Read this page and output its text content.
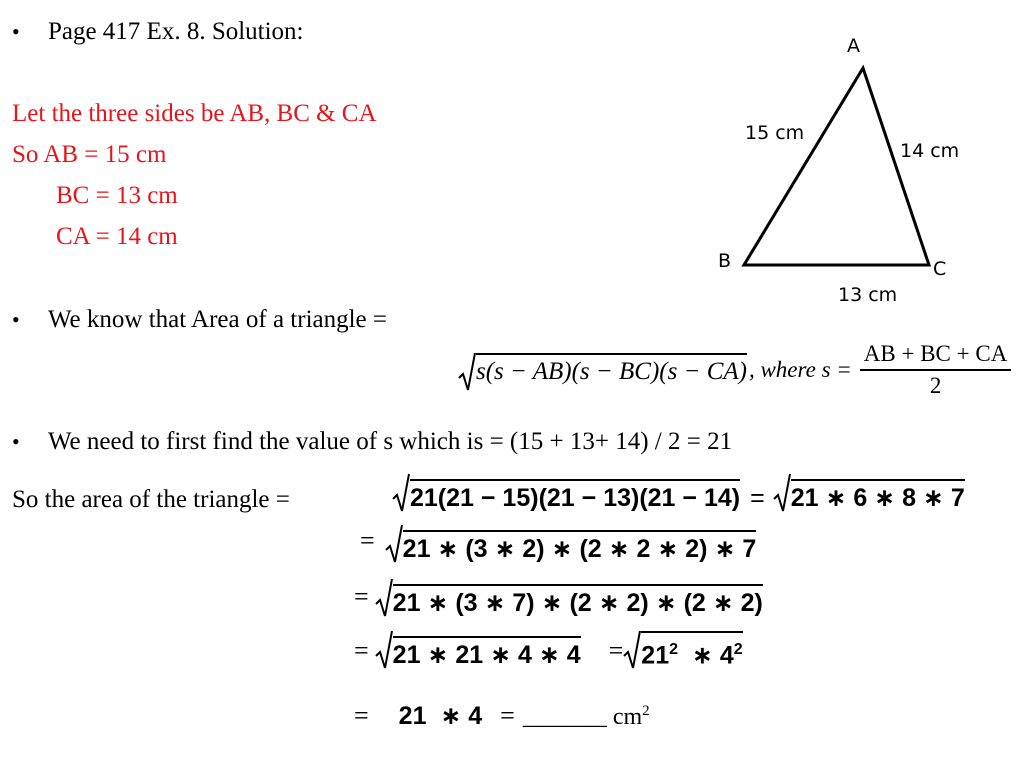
• Page 417 Ex. 8. Solution:
Let the three sides be AB, BC & CA
So AB = 15 cm
BC = 13 cm
CA = 14 cm
A
B	C
15 cm
14 cm
13 cm
• We know that Area of a triangle =
s(s − AB)(s − BC)(s − CA) , where $s = \frac{AB + BC + CA}{2}$
• We need to first find the value of s which is = (15 + 13+ 14) / 2 = 21
So the area of the triangle =	21(21 − 15)(21 − 13)(21 − 14) = 21 ∗ 6 ∗ 8 ∗ 7
= 21 ∗ (3 ∗ 2) ∗ (2 ∗ 2 ∗ 2) ∗ 7
= 21 ∗ (3 ∗ 7) ∗ (2 ∗ 2) ∗ (2 ∗ 2)
= 21 ∗ 21 ∗ 4 ∗ $4 = 21^2$  ∗ $4^2$
= 21  ∗ 4 = _______ $cm^2$
